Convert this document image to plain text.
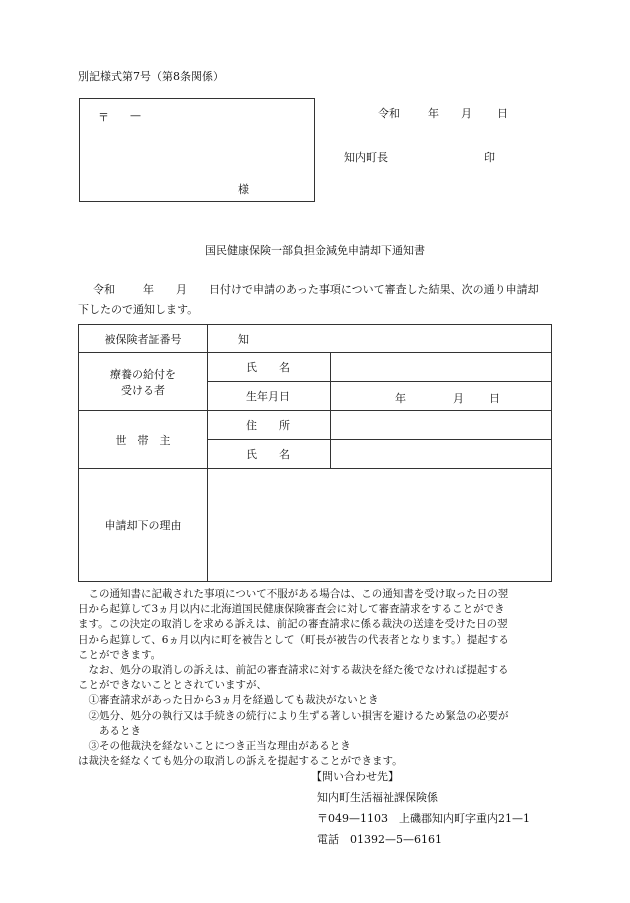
別記様式第7号（第8条関係）
〒 —
様
令和	年 月 日
知内町長	印
国民健康保険一部負担金減免申請却下通知書
令和	年 月 日付けで申請のあった事項について審査した結果、次の通り申請却
下したので通知します。
被保険者証番号	知	

療養の給付を
受ける者	氏　　名	
	生年月日	年 月 日

世　帯　主	住　　所	
	氏　　名	
申請却下の理由		

　この通知書に記載された事項について不服がある場合は、この通知書を受け取った日の翌

日から起算して3ヵ月以内に北海道国民健康保険審査会に対して審査請求をすることができ

ます。この決定の取消しを求める訴えは、前記の審査請求に係る裁決の送達を受けた日の翌

日から起算して、6ヵ月以内に町を被告として（町長が被告の代表者となります。）提起する

ことができます。

　なお、処分の取消しの訴えは、前記の審査請求に対する裁決を経た後でなければ提起する

ことができないこととされていますが、

　①審査請求があった日から3ヵ月を経過しても裁決がないとき

　②処分、処分の執行又は手続きの続行により生ずる著しい損害を避けるため緊急の必要が

　　あるとき

　③その他裁決を経ないことにつき正当な理由があるとき

は裁決を経なくても処分の取消しの訴えを提起することができます。

【問い合わせ先】
知内町生活福祉課保険係
〒049—1103　上磯郡知内町字重内21—1
電話　01392—5—6161
